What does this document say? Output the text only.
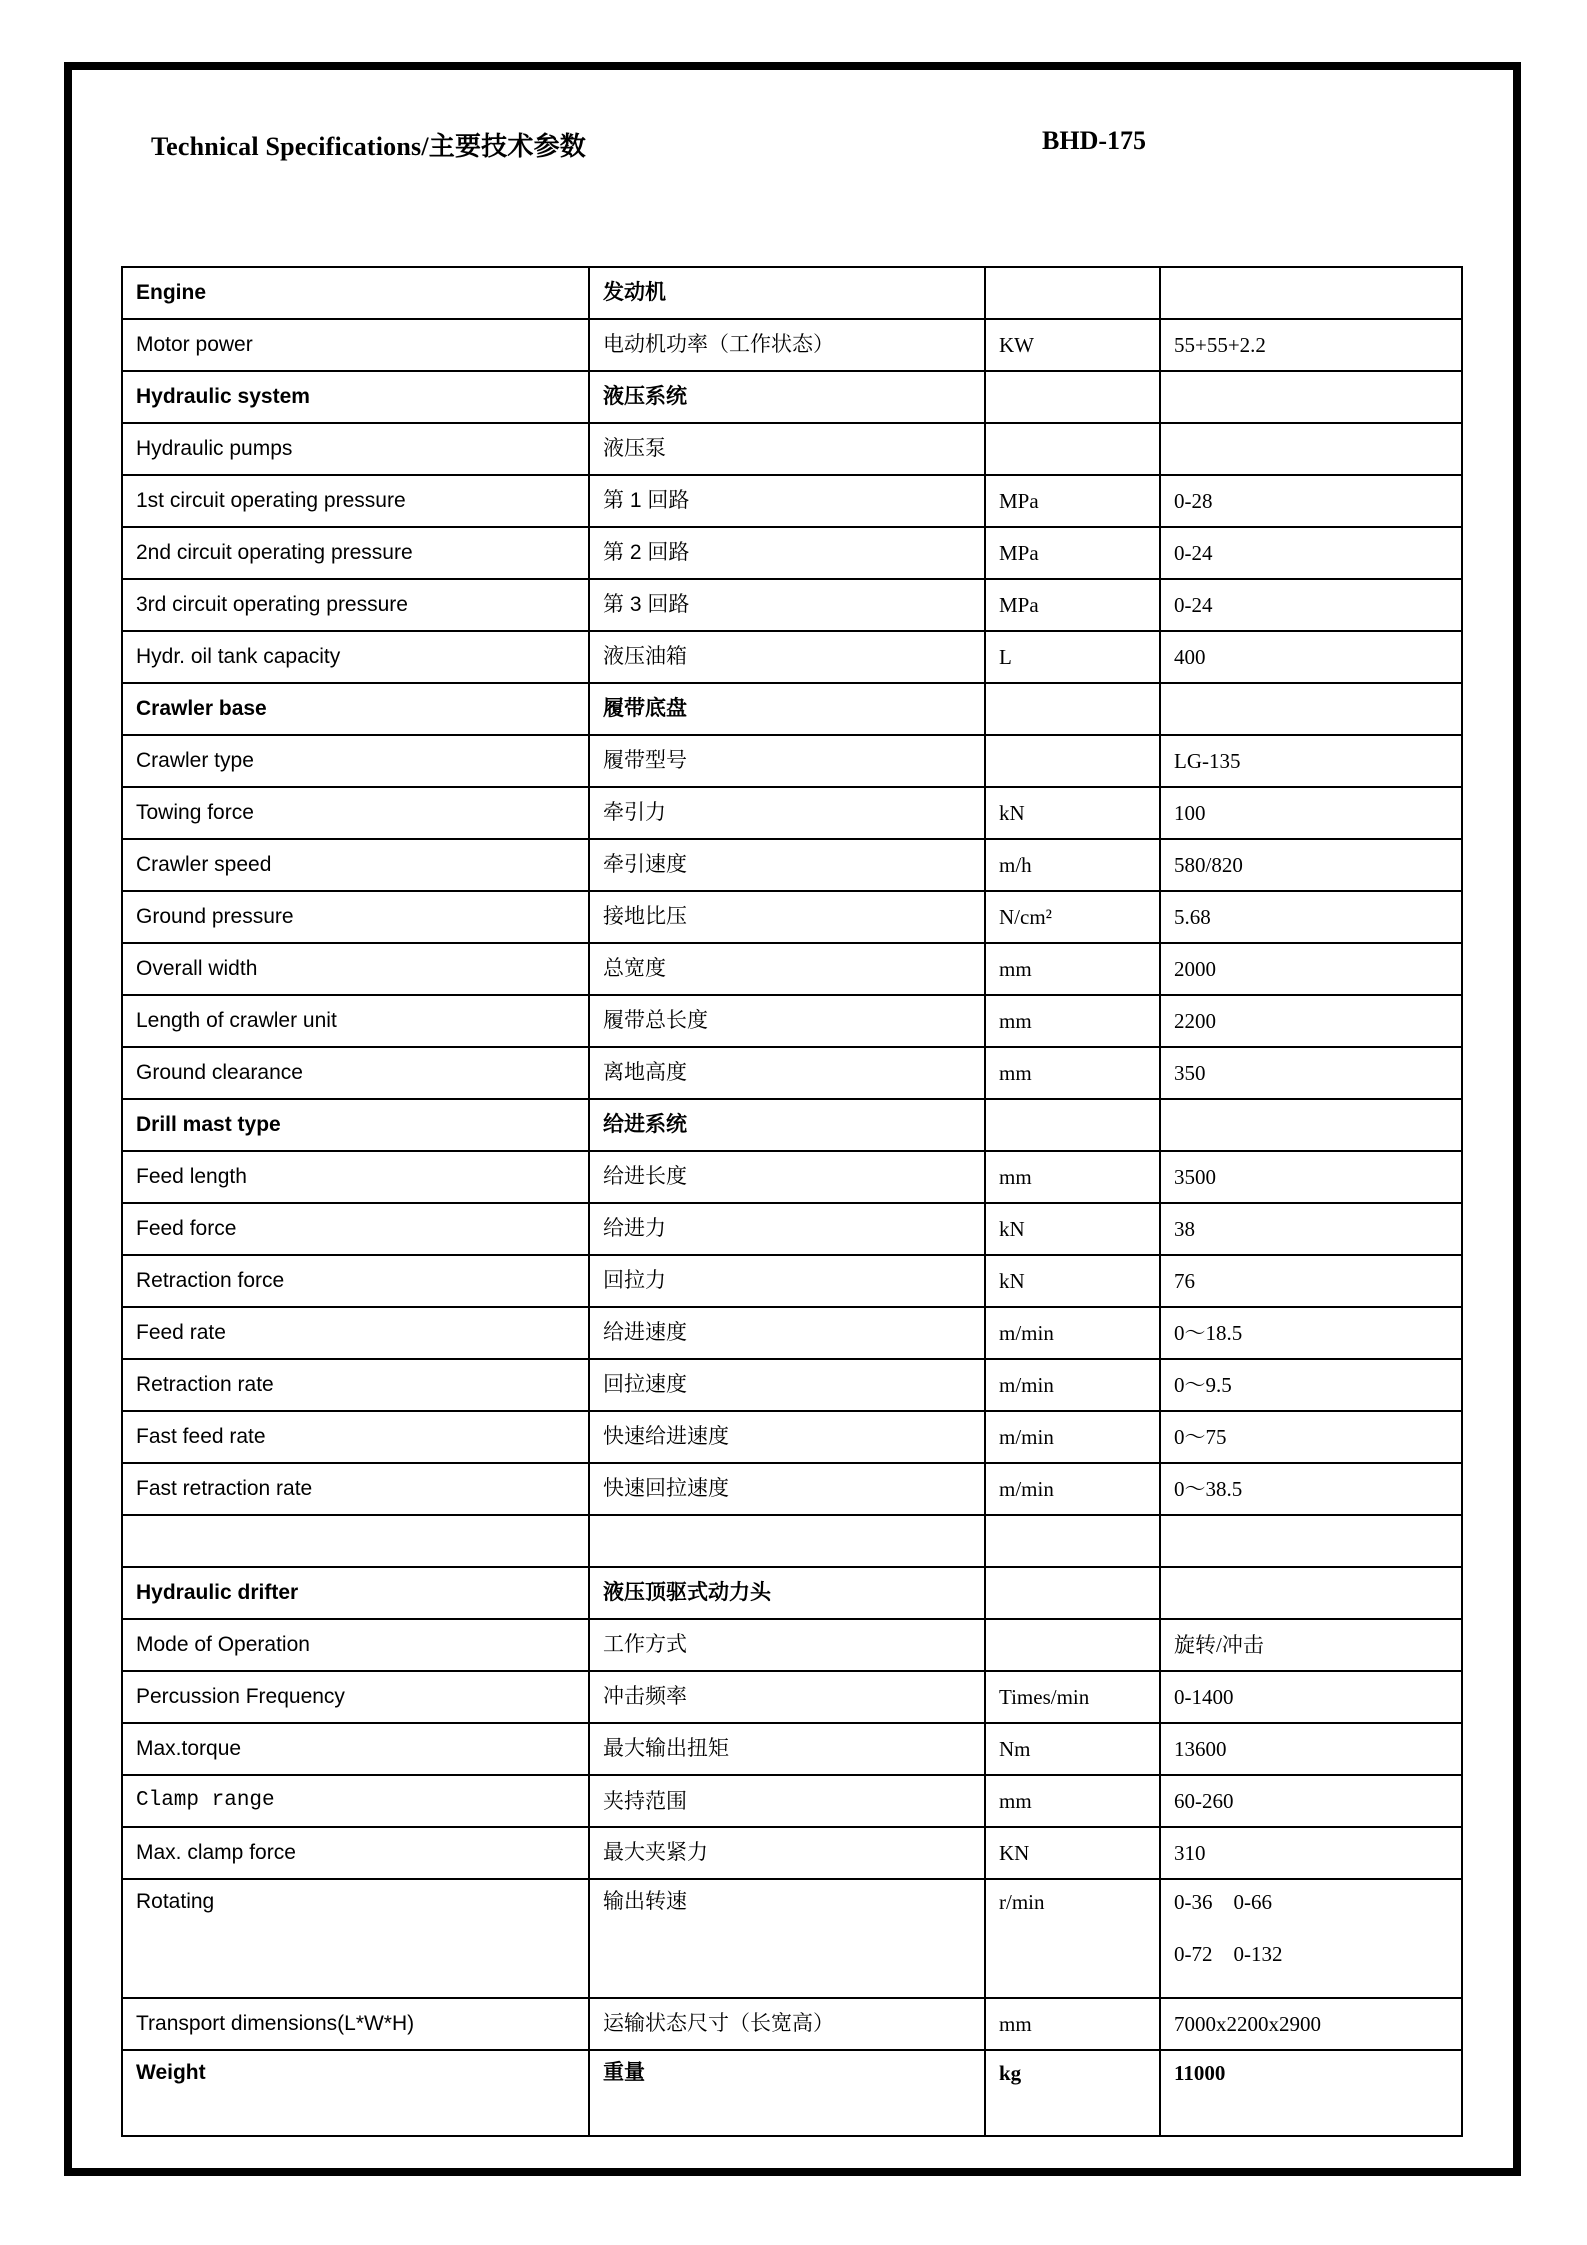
Technical Specifications/主要技术参数	BHD-175
Engine	发动机		
Motor power	电动机功率（工作状态）	KW	55+55+2.2
Hydraulic system	液压系统		
Hydraulic pumps	液压泵		
1st circuit operating pressure	第 1 回路	MPa	0-28
2nd circuit operating pressure	第 2 回路	MPa	0-24
3rd circuit operating pressure	第 3 回路	MPa	0-24
Hydr. oil tank capacity	液压油箱	L	400
Crawler base	履带底盘		
Crawler type	履带型号		LG-135
Towing force	牵引力	kN	100
Crawler speed	牵引速度	m/h	580/820
Ground pressure	接地比压	N/cm²	5.68
Overall width	总宽度	mm	2000
Length of crawler unit	履带总长度	mm	2200
Ground clearance	离地高度	mm	350
Drill mast type	给进系统		
Feed length	给进长度	mm	3500
Feed force	给进力	kN	38
Retraction force	回拉力	kN	76
Feed rate	给进速度	m/min	0～18.5
Retraction rate	回拉速度	m/min	0～9.5
Fast feed rate	快速给进速度	m/min	0～75
Fast retraction rate	快速回拉速度	m/min	0～38.5

Hydraulic drifter	液压顶驱式动力头		
Mode of Operation	工作方式		旋转/冲击
Percussion Frequency	冲击频率	Times/min	0-1400
Max.torque	最大输出扭矩	Nm	13600
Clamp range	夹持范围	mm	60-260
Max. clamp force	最大夹紧力	KN	310
Rotating	输出转速	r/min	0-36    0-66
0-72    0-132

Transport dimensions(L*W*H)	运输状态尺寸（长宽高）	mm	7000x2200x2900
Weight	重量	kg	11000
